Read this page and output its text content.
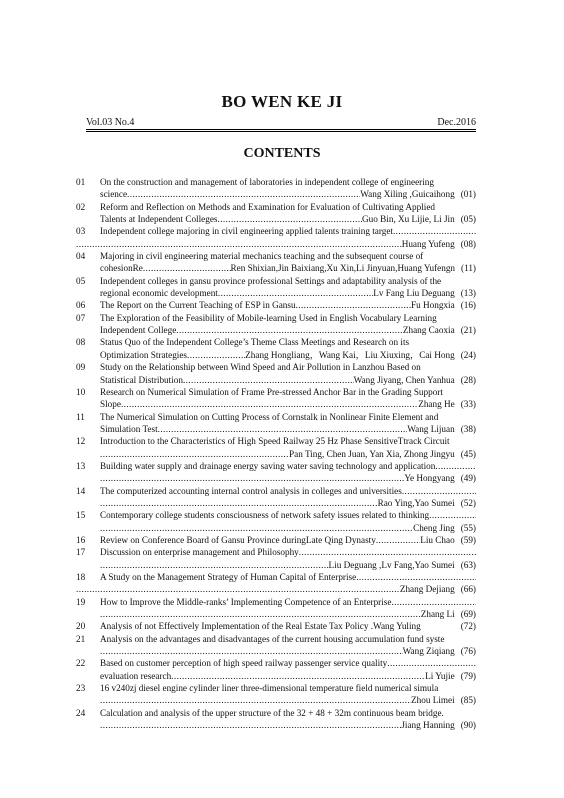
BO WEN KE JI
Vol.03 No.4	Dec.2016
CONTENTS
01	On the construction and management of laboratories in independent college of engineering
science .....	Wang Xiling ,Guicaihong (01)
02	Reform and Reflection on Methods and Examination for Evaluation of Cultivating Applied
Talents at Independent Colleges .....	Guo Bin, Xu Lijie, Li Jin (05)
03	Independent college majoring in civil engineering applied talents training target
.....
.....
Huang Yufeng (08)
04	Majoring in civil engineering material mechanics teaching and the subsequent course of
cohesionRe .....	Ren Shixian,Jin Baixiang,Xu Xin,Li Jinyuan,Huang Yufengn (11)
05	Independent colleges in gansu province professional Settings and adaptability analysis of the
regional economic development .....	Lv Fang Liu Deguang (13)
06	The Report on the Current Teaching of ESP in Gansu .....	Fu Hongxia (16)
07	The Exploration of the Feasibility of Mobile-learning Used in English Vocabulary Learning
Independent College .....	Zhang Caoxia (21)
08	Status Quo of the Independent College’s Theme Class Meetings and Research on its
Optimization Strategies .....	Zhang Hongliang，Wang Kai，Liu Xiuxing，Cai Hong (24)
09	Study on the Relationship between Wind Speed and Air Pollution in Lanzhou Based on
Statistical Distribution .....	Wang Jiyang, Chen Yanhua (28)
10	Research on Numerical Simulation of Frame Pre-stressed Anchor Bar in the Grading Support
Slope .....	Zhang He (33)
11	The Numerical Simulation on Cutting Process of Cornstalk in Nonlinear Finite Element and
Simulation Test .....	Wang Lijuan (38)
12	Introduction to the Characteristics of High Speed Railway 25 Hz Phase SensitiveTtrack Circuit
.....
Pan Ting, Chen Juan, Yan Xia, Zhong Jingyu (45)
13	Building water supply and drainage energy saving water saving technology and application
.....
.....
Ye Hongyang (49)
14	The computerized accounting internal control analysis in colleges and universities
.....
.....
Rao Ying,Yao Sumei (52)
15	Contemporary college students consciousness of network safety issues related to thinking
.....
.....
Cheng Jing (55)
16	Review on Conference Board of Gansu Province duringLate Qing Dynasty .....	Liu Chao (59)
17	Discussion on enterprise management and Philosophy
.....
.....
Liu Deguang ,Lv Fang,Yao Sumei (63)
18	A Study on the Management Strategy of Human Capital of Enterprise
.....
.....
Zhang Dejiang (66)
19	How to Improve the Middle-ranks’ Implementing Competence of an Enterprise
.....
.....
Zhang Li (69)
20	Analysis of not Effectively Implementation of the Real Estate Tax Policy .Wang Yuling	(72)
21	Analysis on the advantages and disadvantages of the current housing accumulation fund syste
.....
Wang Ziqiang (76)
22	Based on customer perception of high speed railway passenger service quality
.....
evaluation research .....	Li Yujie (79)
23	16 v240zj diesel engine cylinder liner three-dimensional temperature field numerical simula
.....
Zhou Limei (85)
24	Calculation and analysis of the upper structure of the 32 + 48 + 32m continuous beam bridge.
.....
Jiang Hanning (90)
